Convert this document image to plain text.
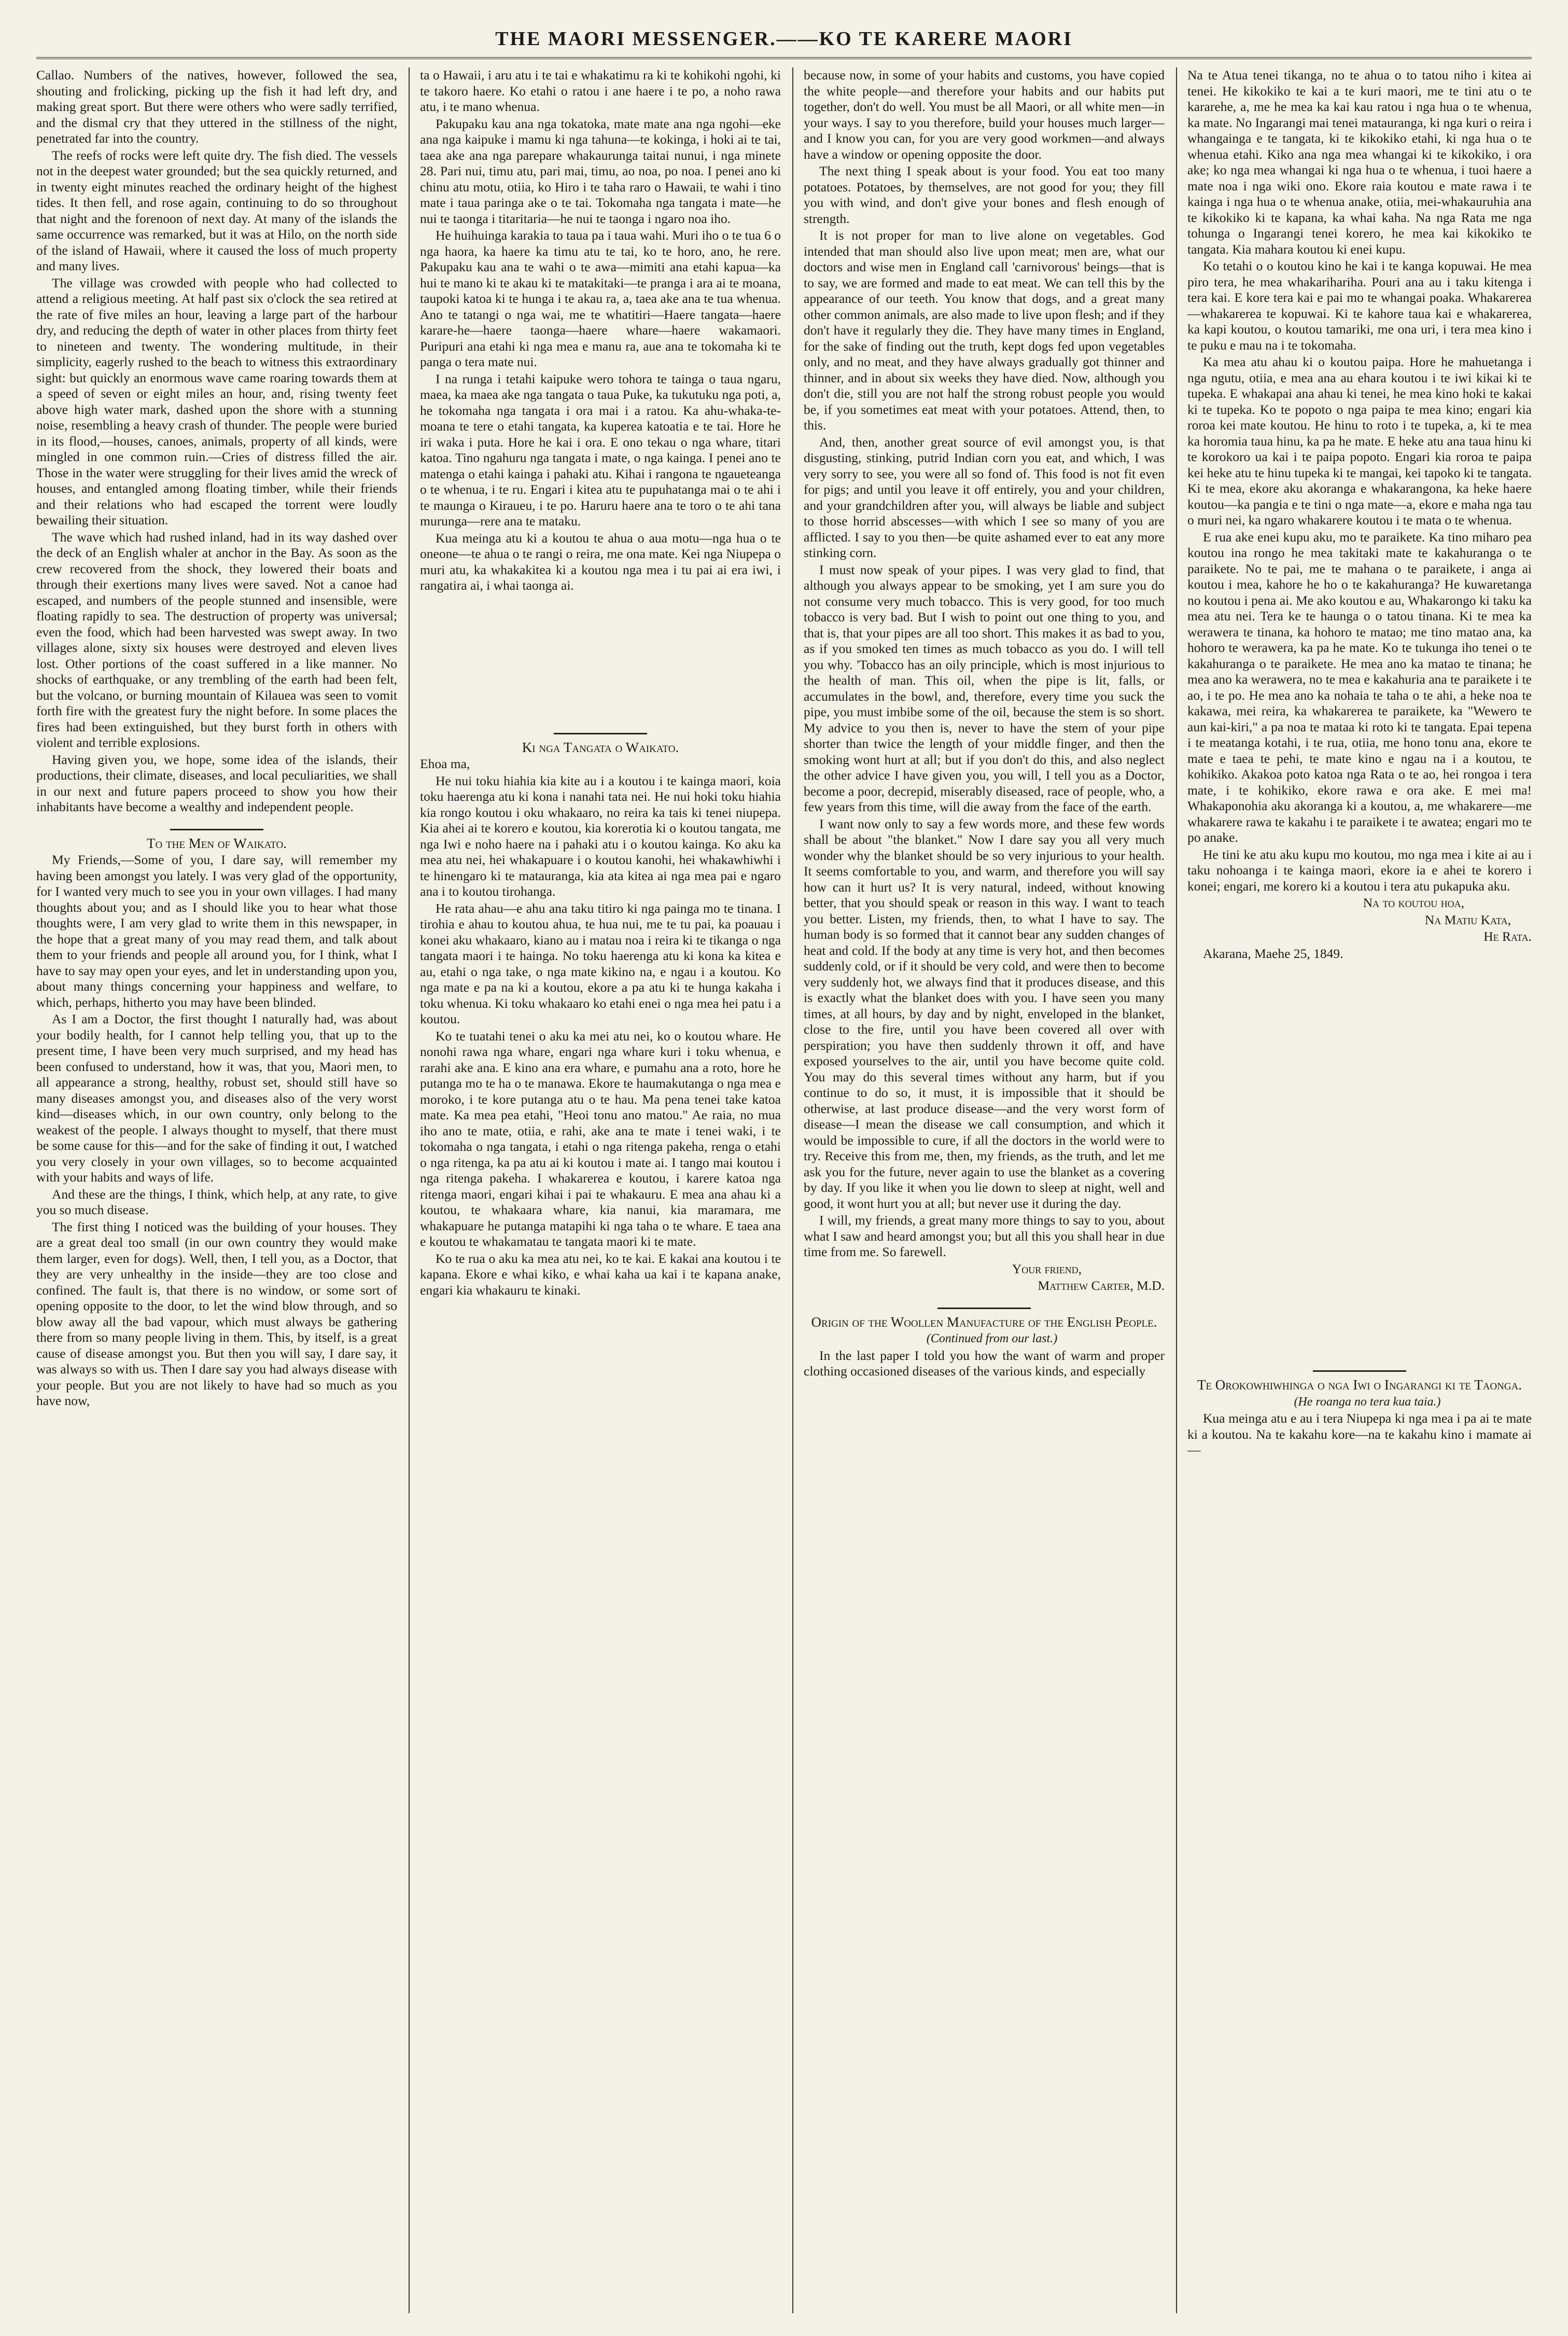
THE MAORI MESSENGER.——KO TE KARERE MAORI

Callao. Numbers of the natives, however, followed the sea, shouting and frolicking, picking up the fish it had left dry, and making great sport. But there were others who were sadly terrified, and the dismal cry that they uttered in the stillness of the night, penetrated far into the country.

The reefs of rocks were left quite dry. The fish died. The vessels not in the deepest water grounded; but the sea quickly returned, and in twenty eight minutes reached the ordinary height of the highest tides. It then fell, and rose again, continuing to do so throughout that night and the forenoon of next day. At many of the islands the same occurrence was remarked, but it was at Hilo, on the north side of the island of Hawaii, where it caused the loss of much property and many lives.

The village was crowded with people who had collected to attend a religious meeting. At half past six o'clock the sea retired at the rate of five miles an hour, leaving a large part of the harbour dry, and reducing the depth of water in other places from thirty feet to nineteen and twenty. The wondering multitude, in their simplicity, eagerly rushed to the beach to witness this extraordinary sight: but quickly an enormous wave came roaring towards them at a speed of seven or eight miles an hour, and, rising twenty feet above high water mark, dashed upon the shore with a stunning noise, resembling a heavy crash of thunder. The people were buried in its flood,—houses, canoes, animals, property of all kinds, were mingled in one common ruin.—Cries of distress filled the air. Those in the water were struggling for their lives amid the wreck of houses, and entangled among floating timber, while their friends and their relations who had escaped the torrent were loudly bewailing their situation.

The wave which had rushed inland, had in its way dashed over the deck of an English whaler at anchor in the Bay. As soon as the crew recovered from the shock, they lowered their boats and through their exertions many lives were saved. Not a canoe had escaped, and numbers of the people stunned and insensible, were floating rapidly to sea. The destruction of property was universal; even the food, which had been harvested was swept away. In two villages alone, sixty six houses were destroyed and eleven lives lost. Other portions of the coast suffered in a like manner. No shocks of earthquake, or any trembling of the earth had been felt, but the volcano, or burning mountain of Kilauea was seen to vomit forth fire with the greatest fury the night before. In some places the fires had been extinguished, but they burst forth in others with violent and terrible explosions.

Having given you, we hope, some idea of the islands, their productions, their climate, diseases, and local peculiarities, we shall in our next and future papers proceed to show you how their inhabitants have become a wealthy and independent people.

To the Men of Waikato.

My Friends,—Some of you, I dare say, will remember my having been amongst you lately. I was very glad of the opportunity, for I wanted very much to see you in your own villages. I had many thoughts about you; and as I should like you to hear what those thoughts were, I am very glad to write them in this newspaper, in the hope that a great many of you may read them, and talk about them to your friends and people all around you, for I think, what I have to say may open your eyes, and let in understanding upon you, about many things concerning your happiness and welfare, to which, perhaps, hitherto you may have been blinded.

As I am a Doctor, the first thought I naturally had, was about your bodily health, for I cannot help telling you, that up to the present time, I have been very much surprised, and my head has been confused to understand, how it was, that you, Maori men, to all appearance a strong, healthy, robust set, should still have so many diseases amongst you, and diseases also of the very worst kind—diseases which, in our own country, only belong to the weakest of the people. I always thought to myself, that there must be some cause for this—and for the sake of finding it out, I watched you very closely in your own villages, so to become acquainted with your habits and ways of life.

And these are the things, I think, which help, at any rate, to give you so much disease.

The first thing I noticed was the building of your houses. They are a great deal too small (in our own country they would make them larger, even for dogs). Well, then, I tell you, as a Doctor, that they are very unhealthy in the inside—they are too close and confined. The fault is, that there is no window, or some sort of opening opposite to the door, to let the wind blow through, and so blow away all the bad vapour, which must always be gathering there from so many people living in them. This, by itself, is a great cause of disease amongst you. But then you will say, I dare say, it was always so with us. Then I dare say you had always disease with your people. But you are not likely to have had so much as you have now,

ta o Hawaii, i aru atu i te tai e whakatimu ra ki te kohikohi ngohi, ki te takoro haere. Ko etahi o ratou i ane haere i te po, a noho rawa atu, i te mano whenua.

Pakupaku kau ana nga tokatoka, mate mate ana nga ngohi—eke ana nga kaipuke i mamu ki nga tahuna—te kokinga, i hoki ai te tai, taea ake ana nga parepare whakaurunga taitai nunui, i nga minete 28. Pari nui, timu atu, pari mai, timu, ao noa, po noa. I penei ano ki chinu atu motu, otiia, ko Hiro i te taha raro o Hawaii, te wahi i tino mate i taua paringa ake o te tai. Tokomaha nga tangata i mate—he nui te taonga i titaritaria—he nui te taonga i ngaro noa iho.

He huihuinga karakia to taua pa i taua wahi. Muri iho o te tua 6 o nga haora, ka haere ka timu atu te tai, ko te horo, ano, he rere. Pakupaku kau ana te wahi o te awa—mimiti ana etahi kapua—ka hui te mano ki te akau ki te matakitaki—te pranga i ara ai te moana, taupoki katoa ki te hunga i te akau ra, a, taea ake ana te tua whenua. Ano te tatangi o nga wai, me te whatitiri—Haere tangata—haere karare-he—haere taonga—haere whare—haere wakamaori. Puripuri ana etahi ki nga mea e manu ra, aue ana te tokomaha ki te panga o tera mate nui.

I na runga i tetahi kaipuke wero tohora te tainga o taua ngaru, maea, ka maea ake nga tangata o taua Puke, ka tukutuku nga poti, a, he tokomaha nga tangata i ora mai i a ratou. Ka ahu-whaka-te-moana te tere o etahi tangata, ka kuperea katoatia e te tai. Hore he iri waka i puta. Hore he kai i ora. E ono tekau o nga whare, titari katoa. Tino ngahuru nga tangata i mate, o nga kainga. I penei ano te matenga o etahi kainga i pahaki atu. Kihai i rangona te ngaueteanga o te whenua, i te ru. Engari i kitea atu te pupuhatanga mai o te ahi i te maunga o Kiraueu, i te po. Haruru haere ana te toro o te ahi tana murunga—rere ana te mataku.

Kua meinga atu ki a koutou te ahua o aua motu—nga hua o te oneone—te ahua o te rangi o reira, me ona mate. Kei nga Niupepa o muri atu, ka whakakitea ki a koutou nga mea i tu pai ai era iwi, i rangatira ai, i whai taonga ai.

Ki nga Tangata o Waikato.

Ehoa ma,

He nui toku hiahia kia kite au i a koutou i te kainga maori, koia toku haerenga atu ki kona i nanahi tata nei. He nui hoki toku hiahia kia rongo koutou i oku whakaaro, no reira ka tais ki tenei niupepa. Kia ahei ai te korero e koutou, kia korerotia ki o koutou tangata, me nga Iwi e noho haere na i pahaki atu i o koutou kainga. Ko aku ka mea atu nei, hei whakapuare i o koutou kanohi, hei whakawhiwhi i te hinengaro ki te matauranga, kia ata kitea ai nga mea pai e ngaro ana i to koutou tirohanga.

He rata ahau—e ahu ana taku titiro ki nga painga mo te tinana. I tirohia e ahau to koutou ahua, te hua nui, me te tu pai, ka poauau i konei aku whakaaro, kiano au i matau noa i reira ki te tikanga o nga tangata maori i te hainga. No toku haerenga atu ki kona ka kitea e au, etahi o nga take, o nga mate kikino na, e ngau i a koutou. Ko nga mate e pa na ki a koutou, ekore a pa atu ki te hunga kakaha i toku whenua. Ki toku whakaaro ko etahi enei o nga mea hei patu i a koutou.

Ko te tuatahi tenei o aku ka mei atu nei, ko o koutou whare. He nonohi rawa nga whare, engari nga whare kuri i toku whenua, e rarahi ake ana. E kino ana era whare, e pumahu ana a roto, hore he putanga mo te ha o te manawa. Ekore te haumakutanga o nga mea e moroko, i te kore putanga atu o te hau. Ma pena tenei take katoa mate. Ka mea pea etahi, "Heoi tonu ano matou." Ae raia, no mua iho ano te mate, otiia, e rahi, ake ana te mate i tenei waki, i te tokomaha o nga tangata, i etahi o nga ritenga pakeha, renga o etahi o nga ritenga, ka pa atu ai ki koutou i mate ai. I tango mai koutou i nga ritenga pakeha. I whakarerea e koutou, i karere katoa nga ritenga maori, engari kihai i pai te whakauru. E mea ana ahau ki a koutou, te whakaara whare, kia nanui, kia maramara, me whakapuare he putanga matapihi ki nga taha o te whare. E taea ana e koutou te whakamatau te tangata maori ki te mate.

Ko te rua o aku ka mea atu nei, ko te kai. E kakai ana koutou i te kapana. Ekore e whai kiko, e whai kaha ua kai i te kapana anake, engari kia whakauru te kinaki.

because now, in some of your habits and customs, you have copied the white people—and therefore your habits and our habits put together, don't do well. You must be all Maori, or all white men—in your ways. I say to you therefore, build your houses much larger—and I know you can, for you are very good workmen—and always have a window or opening opposite the door.

The next thing I speak about is your food. You eat too many potatoes. Potatoes, by themselves, are not good for you; they fill you with wind, and don't give your bones and flesh enough of strength.

It is not proper for man to live alone on vegetables. God intended that man should also live upon meat; men are, what our doctors and wise men in England call 'carnivorous' beings—that is to say, we are formed and made to eat meat. We can tell this by the appearance of our teeth. You know that dogs, and a great many other common animals, are also made to live upon flesh; and if they don't have it regularly they die. They have many times in England, for the sake of finding out the truth, kept dogs fed upon vegetables only, and no meat, and they have always gradually got thinner and thinner, and in about six weeks they have died. Now, although you don't die, still you are not half the strong robust people you would be, if you sometimes eat meat with your potatoes. Attend, then, to this.

And, then, another great source of evil amongst you, is that disgusting, stinking, putrid Indian corn you eat, and which, I was very sorry to see, you were all so fond of. This food is not fit even for pigs; and until you leave it off entirely, you and your children, and your grandchildren after you, will always be liable and subject to those horrid abscesses—with which I see so many of you are afflicted. I say to you then—be quite ashamed ever to eat any more stinking corn.

I must now speak of your pipes. I was very glad to find, that although you always appear to be smoking, yet I am sure you do not consume very much tobacco. This is very good, for too much tobacco is very bad. But I wish to point out one thing to you, and that is, that your pipes are all too short. This makes it as bad to you, as if you smoked ten times as much tobacco as you do. I will tell you why. 'Tobacco has an oily principle, which is most injurious to the health of man. This oil, when the pipe is lit, falls, or accumulates in the bowl, and, therefore, every time you suck the pipe, you must imbibe some of the oil, because the stem is so short. My advice to you then is, never to have the stem of your pipe shorter than twice the length of your middle finger, and then the smoking wont hurt at all; but if you don't do this, and also neglect the other advice I have given you, you will, I tell you as a Doctor, become a poor, decrepid, miserably diseased, race of people, who, a few years from this time, will die away from the face of the earth.

I want now only to say a few words more, and these few words shall be about "the blanket." Now I dare say you all very much wonder why the blanket should be so very injurious to your health. It seems comfortable to you, and warm, and therefore you will say how can it hurt us? It is very natural, indeed, without knowing better, that you should speak or reason in this way. I want to teach you better. Listen, my friends, then, to what I have to say. The human body is so formed that it cannot bear any sudden changes of heat and cold. If the body at any time is very hot, and then becomes suddenly cold, or if it should be very cold, and were then to become very suddenly hot, we always find that it produces disease, and this is exactly what the blanket does with you. I have seen you many times, at all hours, by day and by night, enveloped in the blanket, close to the fire, until you have been covered all over with perspiration; you have then suddenly thrown it off, and have exposed yourselves to the air, until you have become quite cold. You may do this several times without any harm, but if you continue to do so, it must, it is impossible that it should be otherwise, at last produce disease—and the very worst form of disease—I mean the disease we call consumption, and which it would be impossible to cure, if all the doctors in the world were to try. Receive this from me, then, my friends, as the truth, and let me ask you for the future, never again to use the blanket as a covering by day. If you like it when you lie down to sleep at night, well and good, it wont hurt you at all; but never use it during the day.

I will, my friends, a great many more things to say to you, about what I saw and heard amongst you; but all this you shall hear in due time from me. So farewell.

Your friend,

Matthew Carter, M.D.

Origin of the Woollen Manufacture of the English People.

(Continued from our last.)

In the last paper I told you how the want of warm and proper clothing occasioned diseases of the various kinds, and especially

Na te Atua tenei tikanga, no te ahua o to tatou niho i kitea ai tenei. He kikokiko te kai a te kuri maori, me te tini atu o te kararehe, a, me he mea ka kai kau ratou i nga hua o te whenua, ka mate. No Ingarangi mai tenei matauranga, ki nga kuri o reira i whangainga e te tangata, ki te kikokiko etahi, ki nga hua o te whenua etahi. Kiko ana nga mea whangai ki te kikokiko, i ora ake; ko nga mea whangai ki nga hua o te whenua, i tuoi haere a mate noa i nga wiki ono. Ekore raia koutou e mate rawa i te kainga i nga hua o te whenua anake, otiia, mei-whakauruhia ana te kikokiko ki te kapana, ka whai kaha. Na nga Rata me nga tohunga o Ingarangi tenei korero, he mea kai kikokiko te tangata. Kia mahara koutou ki enei kupu.

Ko tetahi o o koutou kino he kai i te kanga kopuwai. He mea piro tera, he mea whakarihariha. Pouri ana au i taku kitenga i tera kai. E kore tera kai e pai mo te whangai poaka. Whakarerea—whakarerea te kopuwai. Ki te kahore taua kai e whakarerea, ka kapi koutou, o koutou tamariki, me ona uri, i tera mea kino i te puku e mau na i te tokomaha.

Ka mea atu ahau ki o koutou paipa. Hore he mahuetanga i nga ngutu, otiia, e mea ana au ehara koutou i te iwi kikai ki te tupeka. E whakapai ana ahau ki tenei, he mea kino hoki te kakai ki te tupeka. Ko te popoto o nga paipa te mea kino; engari kia roroa kei mate koutou. He hinu to roto i te tupeka, a, ki te mea ka horomia taua hinu, ka pa he mate. E heke atu ana taua hinu ki te korokoro ua kai i te paipa popoto. Engari kia roroa te paipa kei heke atu te hinu tupeka ki te mangai, kei tapoko ki te tangata. Ki te mea, ekore aku akoranga e whakarangona, ka heke haere koutou—ka pangia e te tini o nga mate—a, ekore e maha nga tau o muri nei, ka ngaro whakarere koutou i te mata o te whenua.

E rua ake enei kupu aku, mo te paraikete. Ka tino miharo pea koutou ina rongo he mea takitaki mate te kakahuranga o te paraikete. No te pai, me te mahana o te paraikete, i anga ai koutou i mea, kahore he ho o te kakahuranga? He kuwaretanga no koutou i pena ai. Me ako koutou e au, Whakarongo ki taku ka mea atu nei. Tera ke te haunga o o tatou tinana. Ki te mea ka werawera te tinana, ka hohoro te matao; me tino matao ana, ka hohoro te werawera, ka pa he mate. Ko te tukunga iho tenei o te kakahuranga o te paraikete. He mea ano ka matao te tinana; he mea ano ka werawera, no te mea e kakahuria ana te paraikete i te ao, i te po. He mea ano ka nohaia te taha o te ahi, a heke noa te kakawa, mei reira, ka whakarerea te paraikete, ka "Wewero te aun kai-kiri," a pa noa te mataa ki roto ki te tangata. Epai tepena i te meatanga kotahi, i te rua, otiia, me hono tonu ana, ekore te mate e taea te pehi, te mate kino e ngau na i a koutou, te kohikiko. Akakoa poto katoa nga Rata o te ao, hei rongoa i tera mate, i te kohikiko, ekore rawa e ora ake. E mei ma! Whakaponohia aku akoranga ki a koutou, a, me whakarere—me whakarere rawa te kakahu i te paraikete i te awatea; engari mo te po anake.

He tini ke atu aku kupu mo koutou, mo nga mea i kite ai au i taku nohoanga i te kainga maori, ekore ia e ahei te korero i konei; engari, me korero ki a koutou i tera atu pukapuka aku.

Na to koutou hoa,

Na Matiu Kata,

He Rata.

Akarana, Maehe 25, 1849.

Te Orokowhiwhinga o nga Iwi o Ingarangi ki te Taonga.

(He roanga no tera kua taia.)

Kua meinga atu e au i tera Niupepa ki nga mea i pa ai te mate ki a koutou. Na te kakahu kore—na te kakahu kino i mamate ai—
